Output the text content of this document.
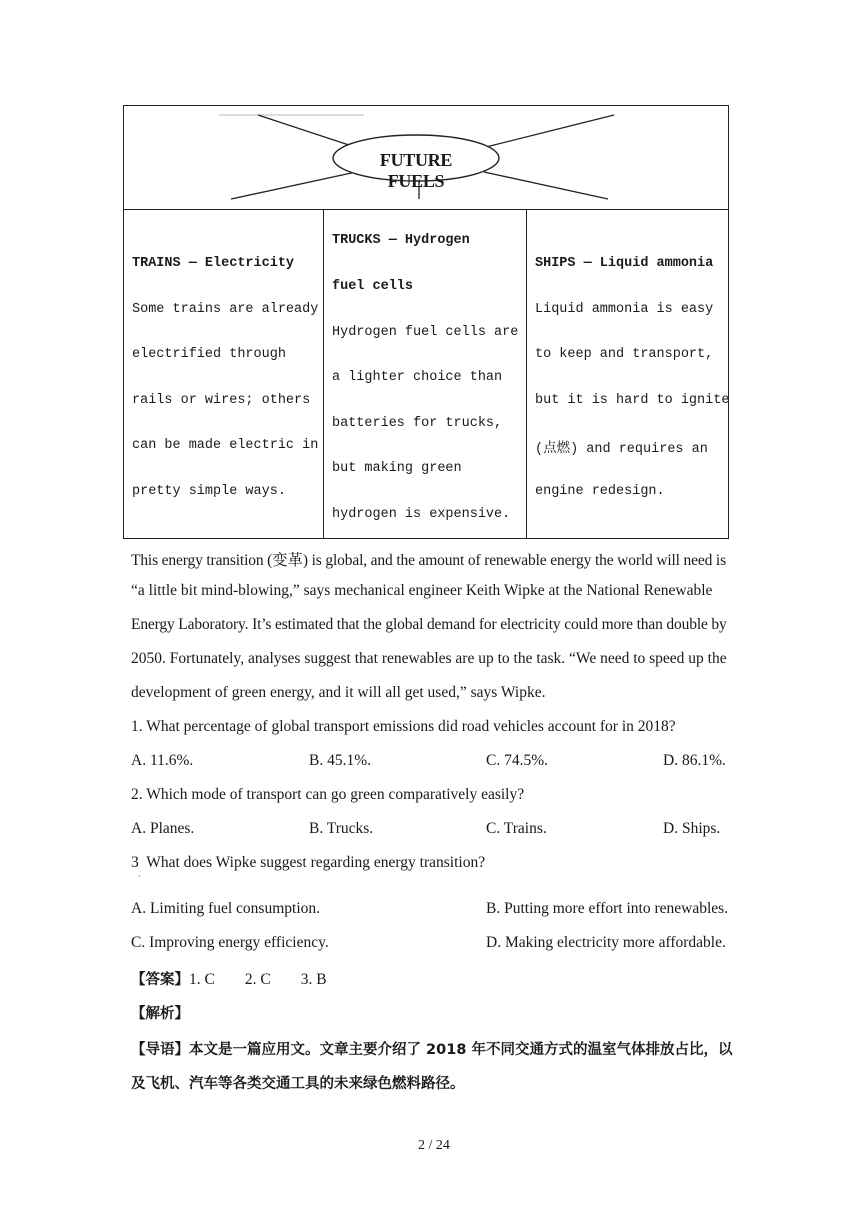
FUTURE FUELS
TRAINS — Electricity
Some trains are already
electrified through
rails or wires; others
can be made electric in
pretty simple ways.
TRUCKS — Hydrogen
fuel cells
Hydrogen fuel cells are
a lighter choice than
batteries for trucks,
but making green
hydrogen is expensive.
SHIPS — Liquid ammonia
Liquid ammonia is easy
to keep and transport,
but it is hard to ignite
(点燃) and requires an
engine redesign.
This energy transition (变革) is global, and the amount of renewable energy the world will need is
“a little bit mind-blowing,” says mechanical engineer Keith Wipke at the National Renewable
Energy Laboratory. It’s estimated that the global demand for electricity could more than double by
2050. Fortunately, analyses suggest that renewables are up to the task. “We need to speed up the
development of green energy, and it will all get used,” says Wipke.
1. What percentage of global transport emissions did road vehicles account for in 2018?
A. 11.6%.	B. 45.1%.	C. 74.5%.	D. 86.1%.
2. Which mode of transport can go green comparatively easily?
A. Planes.	B. Trucks.	C. Trains.	D. Ships.
3  What does Wipke suggest regarding energy transition?
·
A. Limiting fuel consumption.	B. Putting more effort into renewables.
C. Improving energy efficiency.	D. Making electricity more affordable.
【答案】1. C 2. C 3. B
【解析】
【导语】本文是一篇应用文。文章主要介绍了 2018 年不同交通方式的温室气体排放占比，以
及飞机、汽车等各类交通工具的未来绿色燃料路径。
2 / 24
